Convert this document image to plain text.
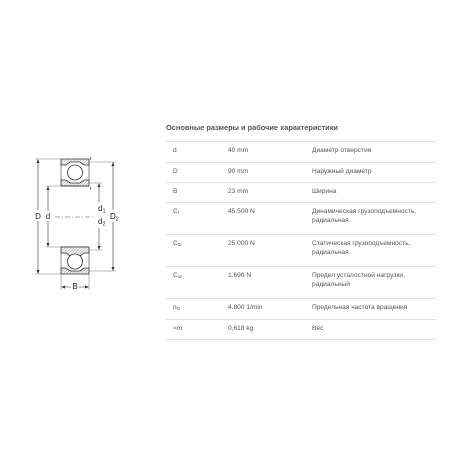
D d
d1
d2
D2
B
r
r
Основные размеры и рабочие характеристики
d	40 mm	Диаметр отверстия
D	90 mm	Наружный диаметр
B	23 mm	Ширина
$C_r$	45.500 N	Динамическая грузоподъемность,
радиальная
$C_{0r}$	25.000 N	Статическая грузоподъемность,
радиальная
$C_{ur}$	1.690 N	Предел усталостной нагрузки,
радиальный
$n_G$	4.800 1/min	Предельная частота вращения
≈m	0,618 kg	Вес
